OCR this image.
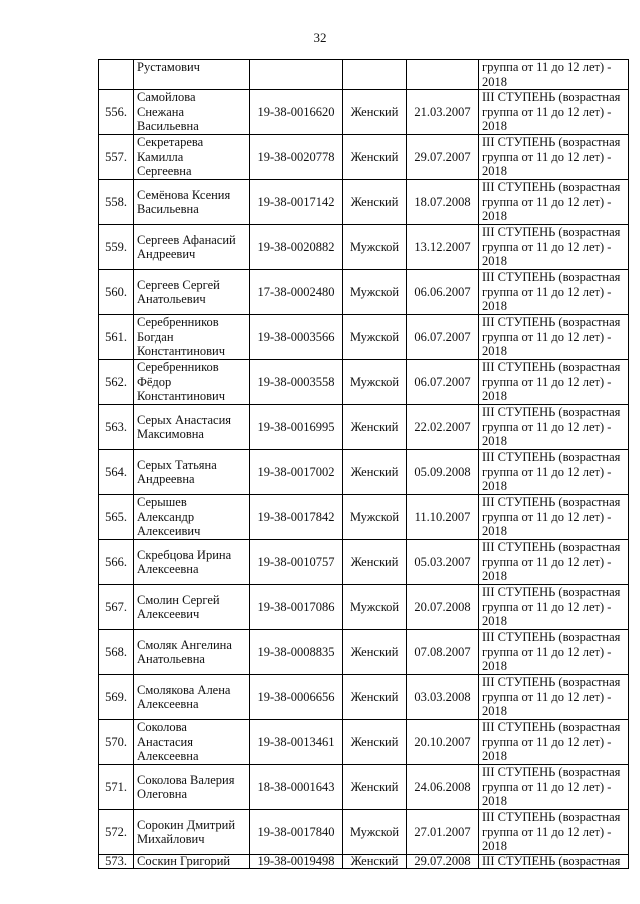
32

	Рустамович				группа от 11 до 12 лет) -
2018

556.	Самойлова
Снежана
Васильевна	19-38-0016620	Женский	21.03.2007	III СТУПЕНЬ (возрастная
группа от 11 до 12 лет) -
2018

557.	Секретарева
Камилла
Сергеевна	19-38-0020778	Женский	29.07.2007	III СТУПЕНЬ (возрастная
группа от 11 до 12 лет) -
2018

558.	Семёнова Ксения
Васильевна	19-38-0017142	Женский	18.07.2008	III СТУПЕНЬ (возрастная
группа от 11 до 12 лет) -
2018

559.	Сергеев Афанасий
Андреевич	19-38-0020882	Мужской	13.12.2007	III СТУПЕНЬ (возрастная
группа от 11 до 12 лет) -
2018

560.	Сергеев Сергей
Анатольевич	17-38-0002480	Мужской	06.06.2007	III СТУПЕНЬ (возрастная
группа от 11 до 12 лет) -
2018

561.	Серебренников
Богдан
Константинович	19-38-0003566	Мужской	06.07.2007	III СТУПЕНЬ (возрастная
группа от 11 до 12 лет) -
2018

562.	Серебренников
Фёдор
Константинович	19-38-0003558	Мужской	06.07.2007	III СТУПЕНЬ (возрастная
группа от 11 до 12 лет) -
2018

563.	Серых Анастасия
Максимовна	19-38-0016995	Женский	22.02.2007	III СТУПЕНЬ (возрастная
группа от 11 до 12 лет) -
2018

564.	Серых Татьяна
Андреевна	19-38-0017002	Женский	05.09.2008	III СТУПЕНЬ (возрастная
группа от 11 до 12 лет) -
2018

565.	Серышев
Александр
Алексеивич	19-38-0017842	Мужской	11.10.2007	III СТУПЕНЬ (возрастная
группа от 11 до 12 лет) -
2018

566.	Скребцова Ирина
Алексеевна	19-38-0010757	Женский	05.03.2007	III СТУПЕНЬ (возрастная
группа от 11 до 12 лет) -
2018

567.	Смолин Сергей
Алексеевич	19-38-0017086	Мужской	20.07.2008	III СТУПЕНЬ (возрастная
группа от 11 до 12 лет) -
2018

568.	Смоляк Ангелина
Анатольевна	19-38-0008835	Женский	07.08.2007	III СТУПЕНЬ (возрастная
группа от 11 до 12 лет) -
2018

569.	Смолякова Алена
Алексеевна	19-38-0006656	Женский	03.03.2008	III СТУПЕНЬ (возрастная
группа от 11 до 12 лет) -
2018

570.	Соколова
Анастасия
Алексеевна	19-38-0013461	Женский	20.10.2007	III СТУПЕНЬ (возрастная
группа от 11 до 12 лет) -
2018

571.	Соколова Валерия
Олеговна	18-38-0001643	Женский	24.06.2008	III СТУПЕНЬ (возрастная
группа от 11 до 12 лет) -
2018

572.	Сорокин Дмитрий
Михайлович	19-38-0017840	Мужской	27.01.2007	III СТУПЕНЬ (возрастная
группа от 11 до 12 лет) -
2018

573.	Соскин Григорий	19-38-0019498	Женский	29.07.2008	III СТУПЕНЬ (возрастная
